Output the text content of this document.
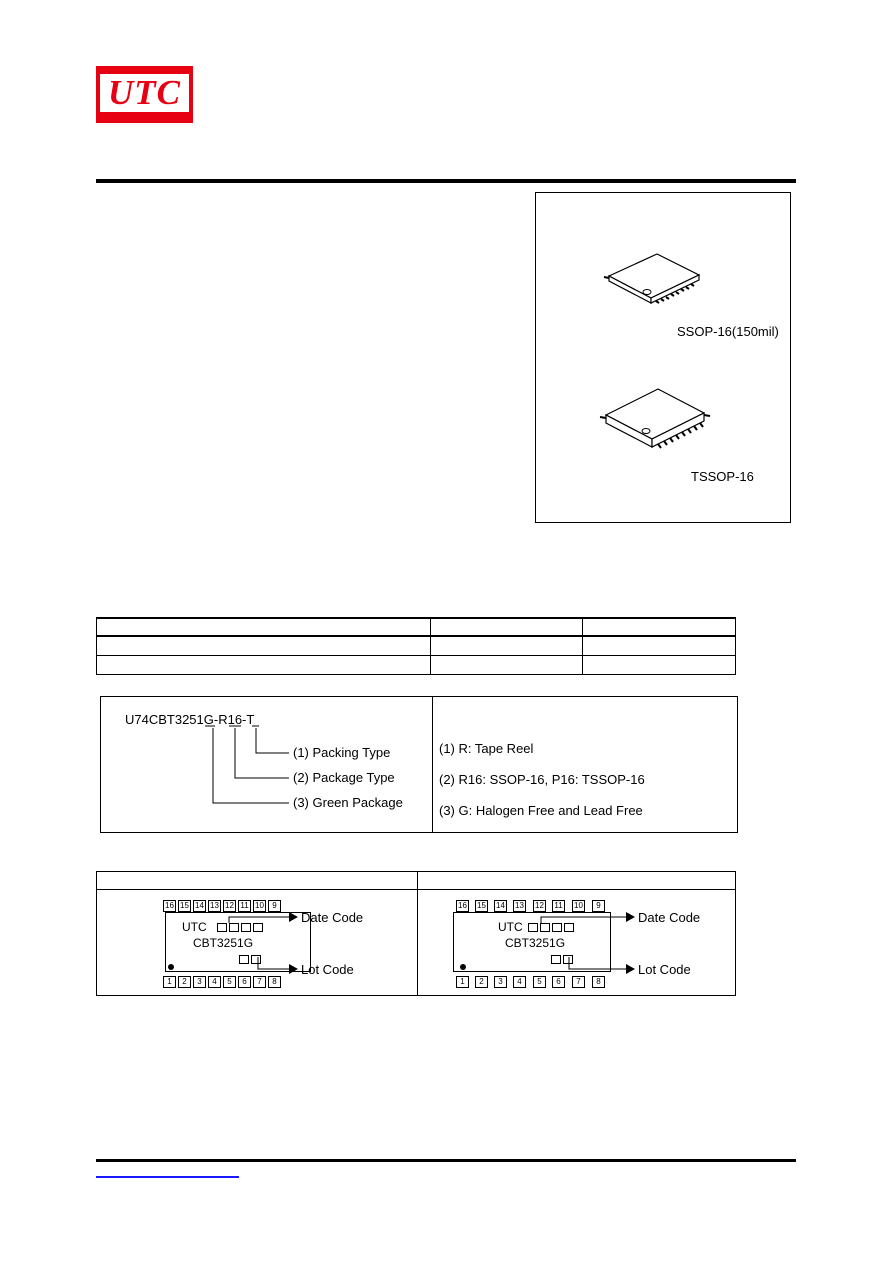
UTC
SSOP-16(150mil)
TSSOP-16
U74CBT3251G-R16-T
(1) Packing Type
(2) Package Type
(3) Green Package
(1) R: Tape Reel
(2) R16: SSOP-16, P16: TSSOP-16
(3) G: Halogen Free and Lead Free
16 15 14 13 12 11 10	9
UTC
CBT3251G
1	2	3	4	5	6	7	8
Date Code
Lot Code
16 15 14 13 12 11 10	9
UTC
CBT3251G
1	2	3	4	5	6	7	8
Date Code
Lot Code
